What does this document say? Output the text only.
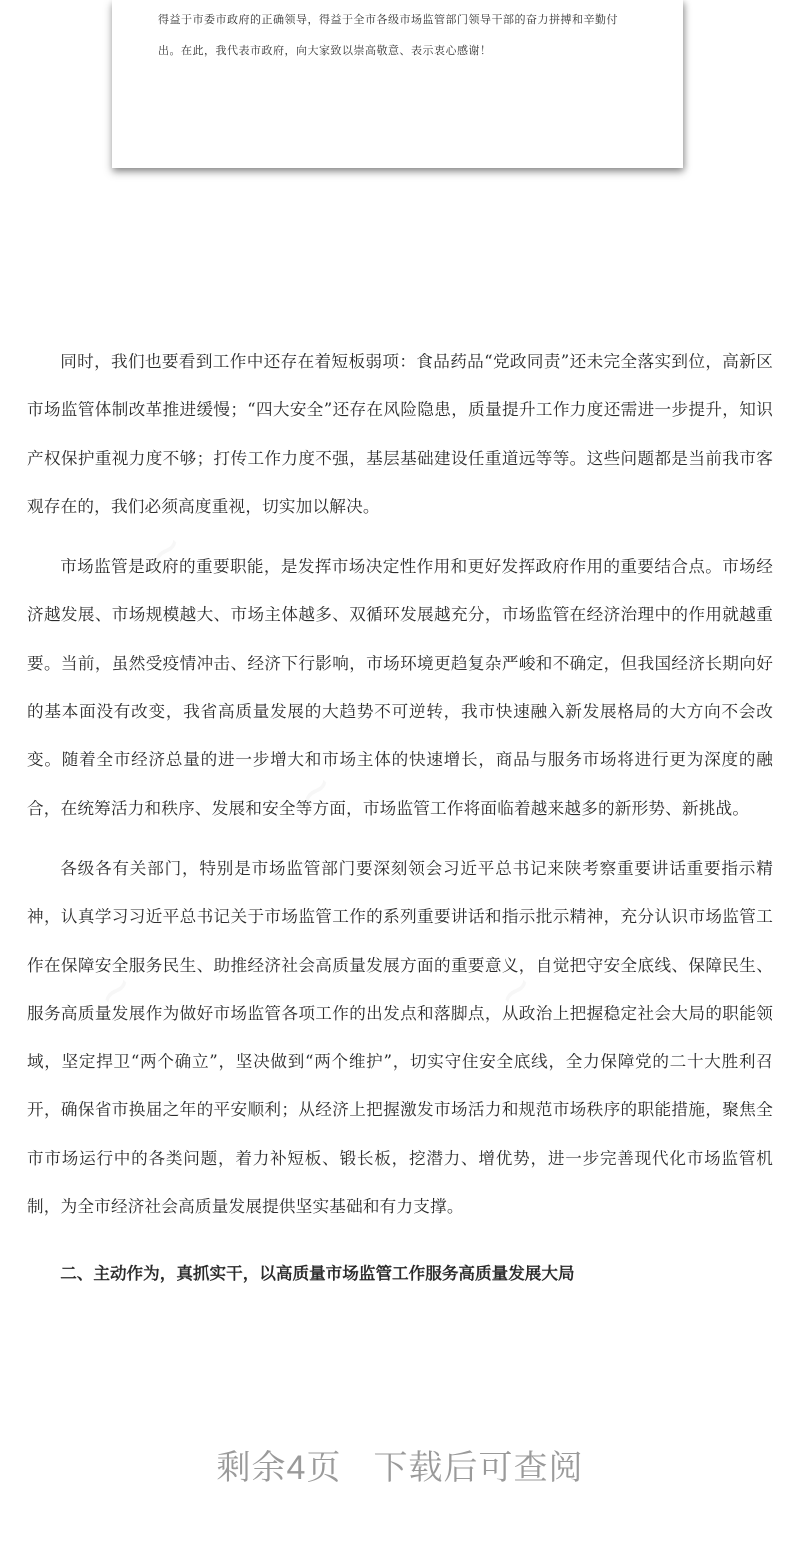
得益于市委市政府的正确领导，得益于全市各级市场监管部门领导干部的奋力拼搏和辛勤付
出。在此，我代表市政府，向大家致以崇高敬意、表示衷心感谢！
~
~
~
~	~

同时，我们也要看到工作中还存在着短板弱项：食品药品“党政同责”还未完全落实到位，高新区市场监管体制改革推进缓慢；“四大安全”还存在风险隐患，质量提升工作力度还需进一步提升，知识产权保护重视力度不够；打传工作力度不强，基层基础建设任重道远等等。这些问题都是当前我市客观存在的，我们必须高度重视，切实加以解决。

市场监管是政府的重要职能，是发挥市场决定性作用和更好发挥政府作用的重要结合点。市场经济越发展、市场规模越大、市场主体越多、双循环发展越充分，市场监管在经济治理中的作用就越重要。当前，虽然受疫情冲击、经济下行影响，市场环境更趋复杂严峻和不确定，但我国经济长期向好的基本面没有改变，我省高质量发展的大趋势不可逆转，我市快速融入新发展格局的大方向不会改变。随着全市经济总量的进一步增大和市场主体的快速增长，商品与服务市场将进行更为深度的融合，在统筹活力和秩序、发展和安全等方面，市场监管工作将面临着越来越多的新形势、新挑战。

各级各有关部门，特别是市场监管部门要深刻领会习近平总书记来陕考察重要讲话重要指示精神，认真学习习近平总书记关于市场监管工作的系列重要讲话和指示批示精神，充分认识市场监管工作在保障安全服务民生、助推经济社会高质量发展方面的重要意义，自觉把守安全底线、保障民生、服务高质量发展作为做好市场监管各项工作的出发点和落脚点，从政治上把握稳定社会大局的职能领域，坚定捍卫“两个确立”，坚决做到“两个维护”，切实守住安全底线，全力保障党的二十大胜利召开，确保省市换届之年的平安顺利；从经济上把握激发市场活力和规范市场秩序的职能措施，聚焦全市市场运行中的各类问题，着力补短板、锻长板，挖潜力、增优势，进一步完善现代化市场监管机制，为全市经济社会高质量发展提供坚实基础和有力支撑。

二、主动作为，真抓实干，以高质量市场监管工作服务高质量发展大局

剩余4页 下载后可查阅
